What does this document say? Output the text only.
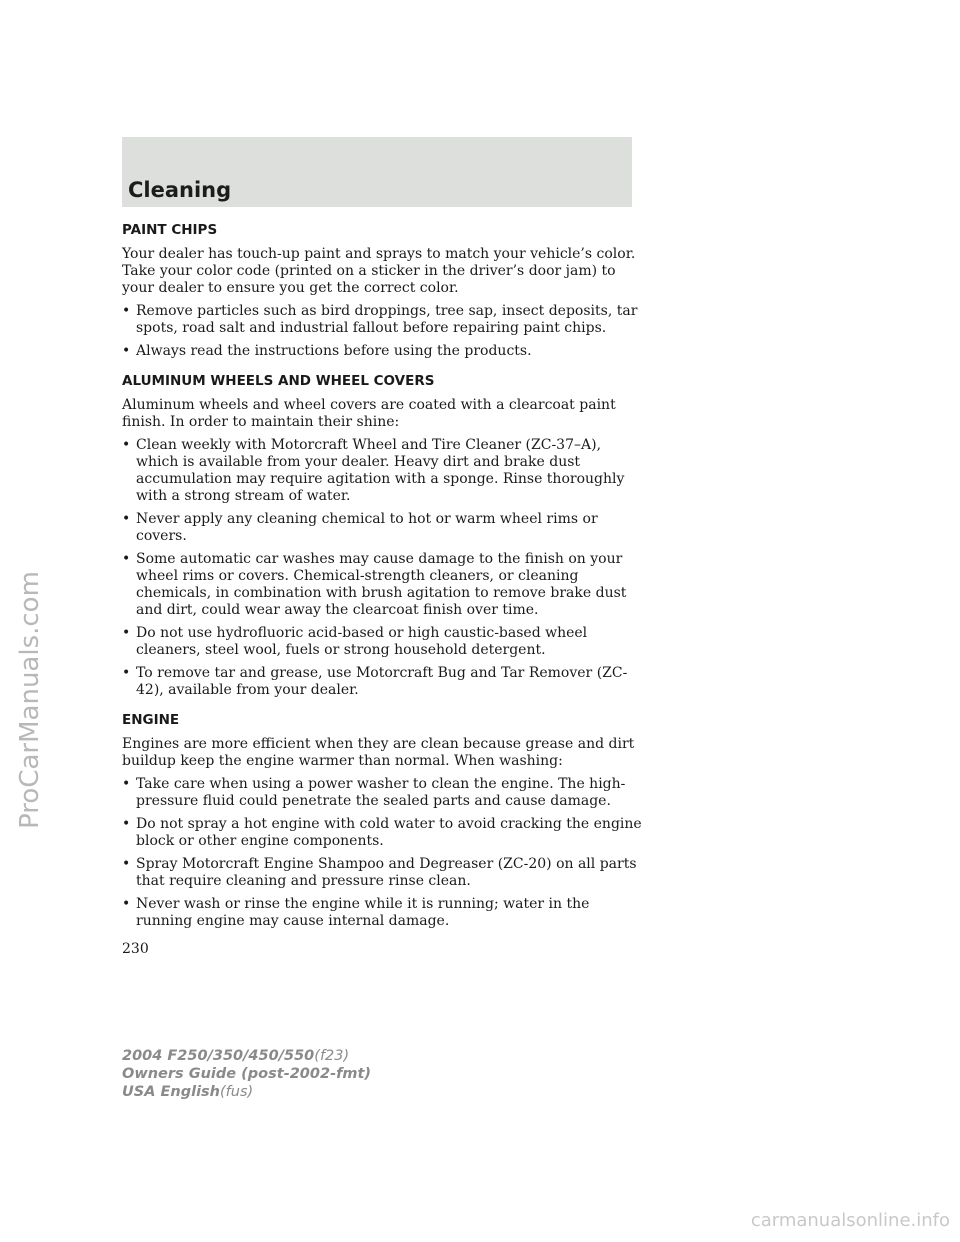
Cleaning
PAINT CHIPS

Your dealer has touch-up paint and sprays to match your vehicle’s color. Take your color code (printed on a sticker in the driver’s door jam) to your dealer to ensure you get the correct color.

• Remove particles such as bird droppings, tree sap, insect deposits, tar spots, road salt and industrial fallout before repairing paint chips.
• Always read the instructions before using the products.
ALUMINUM WHEELS AND WHEEL COVERS

Aluminum wheels and wheel covers are coated with a clearcoat paint finish. In order to maintain their shine:

• Clean weekly with Motorcraft Wheel and Tire Cleaner (ZC-37–A), which is available from your dealer. Heavy dirt and brake dust accumulation may require agitation with a sponge. Rinse thoroughly with a strong stream of water.
• Never apply any cleaning chemical to hot or warm wheel rims or covers.
• Some automatic car washes may cause damage to the finish on your wheel rims or covers. Chemical-strength cleaners, or cleaning chemicals, in combination with brush agitation to remove brake dust and dirt, could wear away the clearcoat finish over time.
• Do not use hydrofluoric acid-based or high caustic-based wheel cleaners, steel wool, fuels or strong household detergent.
• To remove tar and grease, use Motorcraft Bug and Tar Remover (ZC-42), available from your dealer.
ENGINE

Engines are more efficient when they are clean because grease and dirt buildup keep the engine warmer than normal. When washing:

• Take care when using a power washer to clean the engine. The high-pressure fluid could penetrate the sealed parts and cause damage.
• Do not spray a hot engine with cold water to avoid cracking the engine block or other engine components.
• Spray Motorcraft Engine Shampoo and Degreaser (ZC-20) on all parts that require cleaning and pressure rinse clean.
• Never wash or rinse the engine while it is running; water in the running engine may cause internal damage.
230
2004 F250/350/450/550(f23)
Owners Guide (post-2002-fmt)
USA English(fus)
ProCarManuals.com
carmanualsonline.info
